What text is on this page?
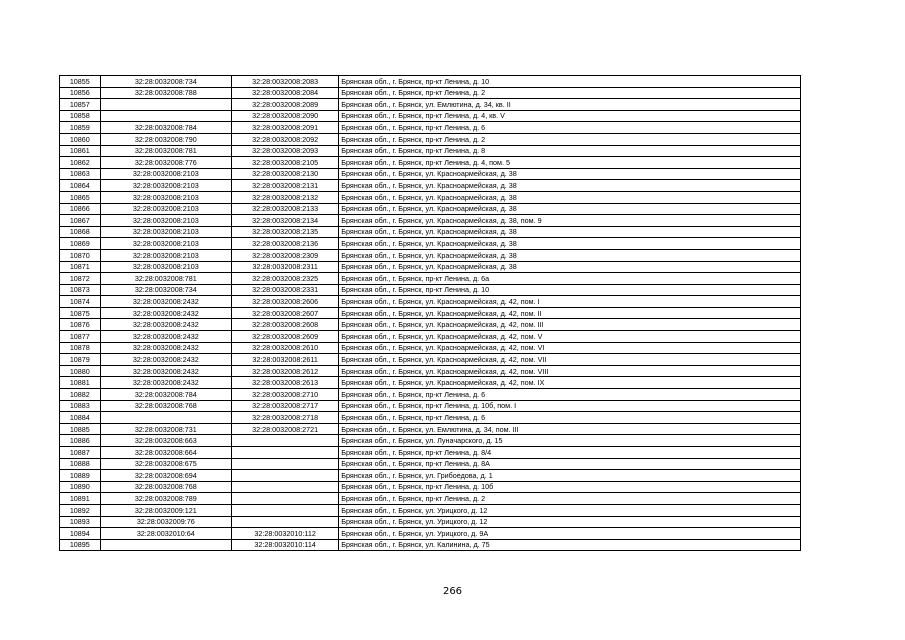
10855	32:28:0032008:734	32:28:0032008:2083	Брянская обл., г. Брянск, пр-кт Ленина, д. 10
10856	32:28:0032008:788	32:28:0032008:2084	Брянская обл., г. Брянск, пр-кт Ленина, д. 2
10857		32:28:0032008:2089	Брянская обл., г. Брянск, ул. Емлютина, д. 34, кв. II
10858		32:28:0032008:2090	Брянская обл., г. Брянск, пр-кт Ленина, д. 4, кв. V
10859	32:28:0032008:784	32:28:0032008:2091	Брянская обл., г. Брянск, пр-кт Ленина, д. 6
10860	32:28:0032008:790	32:28:0032008:2092	Брянская обл., г. Брянск, пр-кт Ленина, д. 2
10861	32:28:0032008:781	32:28:0032008:2093	Брянская обл., г. Брянск, пр-кт Ленина, д. 8
10862	32:28:0032008:776	32:28:0032008:2105	Брянская обл., г. Брянск, пр-кт Ленина, д. 4, пом. 5
10863	32:28:0032008:2103	32:28:0032008:2130	Брянская обл., г. Брянск, ул. Красноармейская, д. 38
10864	32:28:0032008:2103	32:28:0032008:2131	Брянская обл., г. Брянск, ул. Красноармейская, д. 38
10865	32:28:0032008:2103	32:28:0032008:2132	Брянская обл., г. Брянск, ул. Красноармейская, д. 38
10866	32:28:0032008:2103	32:28:0032008:2133	Брянская обл., г. Брянск, ул. Красноармейская, д. 38
10867	32:28:0032008:2103	32:28:0032008:2134	Брянская обл., г. Брянск, ул. Красноармейская, д. 38, пом. 9
10868	32:28:0032008:2103	32:28:0032008:2135	Брянская обл., г. Брянск, ул. Красноармейская, д. 38
10869	32:28:0032008:2103	32:28:0032008:2136	Брянская обл., г. Брянск, ул. Красноармейская, д. 38
10870	32:28:0032008:2103	32:28:0032008:2309	Брянская обл., г. Брянск, ул. Красноармейская, д. 38
10871	32:28:0032008:2103	32:28:0032008:2311	Брянская обл., г. Брянск, ул. Красноармейская, д. 38
10872	32:28:0032008:781	32:28:0032008:2325	Брянская обл., г. Брянск, пр-кт Ленина, д. 6а
10873	32:28:0032008:734	32:28:0032008:2331	Брянская обл., г. Брянск, пр-кт Ленина, д. 10
10874	32:28:0032008:2432	32:28:0032008:2606	Брянская обл., г. Брянск, ул. Красноармейская, д. 42, пом. I
10875	32:28:0032008:2432	32:28:0032008:2607	Брянская обл., г. Брянск, ул. Красноармейская, д. 42, пом. II
10876	32:28:0032008:2432	32:28:0032008:2608	Брянская обл., г. Брянск, ул. Красноармейская, д. 42, пом. III
10877	32:28:0032008:2432	32:28:0032008:2609	Брянская обл., г. Брянск, ул. Красноармейская, д. 42, пом. V
10878	32:28:0032008:2432	32:28:0032008:2610	Брянская обл., г. Брянск, ул. Красноармейская, д. 42, пом. VI
10879	32:28:0032008:2432	32:28:0032008:2611	Брянская обл., г. Брянск, ул. Красноармейская, д. 42, пом. VII
10880	32:28:0032008:2432	32:28:0032008:2612	Брянская обл., г. Брянск, ул. Красноармейская, д. 42, пом. VIII
10881	32:28:0032008:2432	32:28:0032008:2613	Брянская обл., г. Брянск, ул. Красноармейская, д. 42, пом. IX
10882	32:28:0032008:784	32:28:0032008:2710	Брянская обл., г. Брянск, пр-кт Ленина, д. 6
10883	32:28:0032008:768	32:28:0032008:2717	Брянская обл., г. Брянск, пр-кт Ленина, д. 10б, пом. I
10884		32:28:0032008:2718	Брянская обл., г. Брянск, пр-кт Ленина, д. 6
10885	32:28:0032008:731	32:28:0032008:2721	Брянская обл., г. Брянск, ул. Емлютина, д. 34, пом. III
10886	32:28:0032008:663		Брянская обл., г. Брянск, ул. Луначарского, д. 15
10887	32:28:0032008:664		Брянская обл., г. Брянск, пр-кт Ленина, д. 8/4
10888	32:28:0032008:675		Брянская обл., г. Брянск, пр-кт Ленина, д. 8А
10889	32:28:0032008:694		Брянская обл., г. Брянск, ул. Грибоедова, д. 1
10890	32:28:0032008:768		Брянская обл., г. Брянск, пр-кт Ленина, д. 10б
10891	32:28:0032008:789		Брянская обл., г. Брянск, пр-кт Ленина, д. 2
10892	32:28:0032009:121		Брянская обл., г. Брянск, ул. Урицкого, д. 12
10893	32:28:0032009:76		Брянская обл., г. Брянск, ул. Урицкого, д. 12
10894	32:28:0032010:64	32:28:0032010:112	Брянская обл., г. Брянск, ул. Урицкого, д. 9А
10895		32:28:0032010:114	Брянская обл., г. Брянск, ул. Калинина, д. 75
266
